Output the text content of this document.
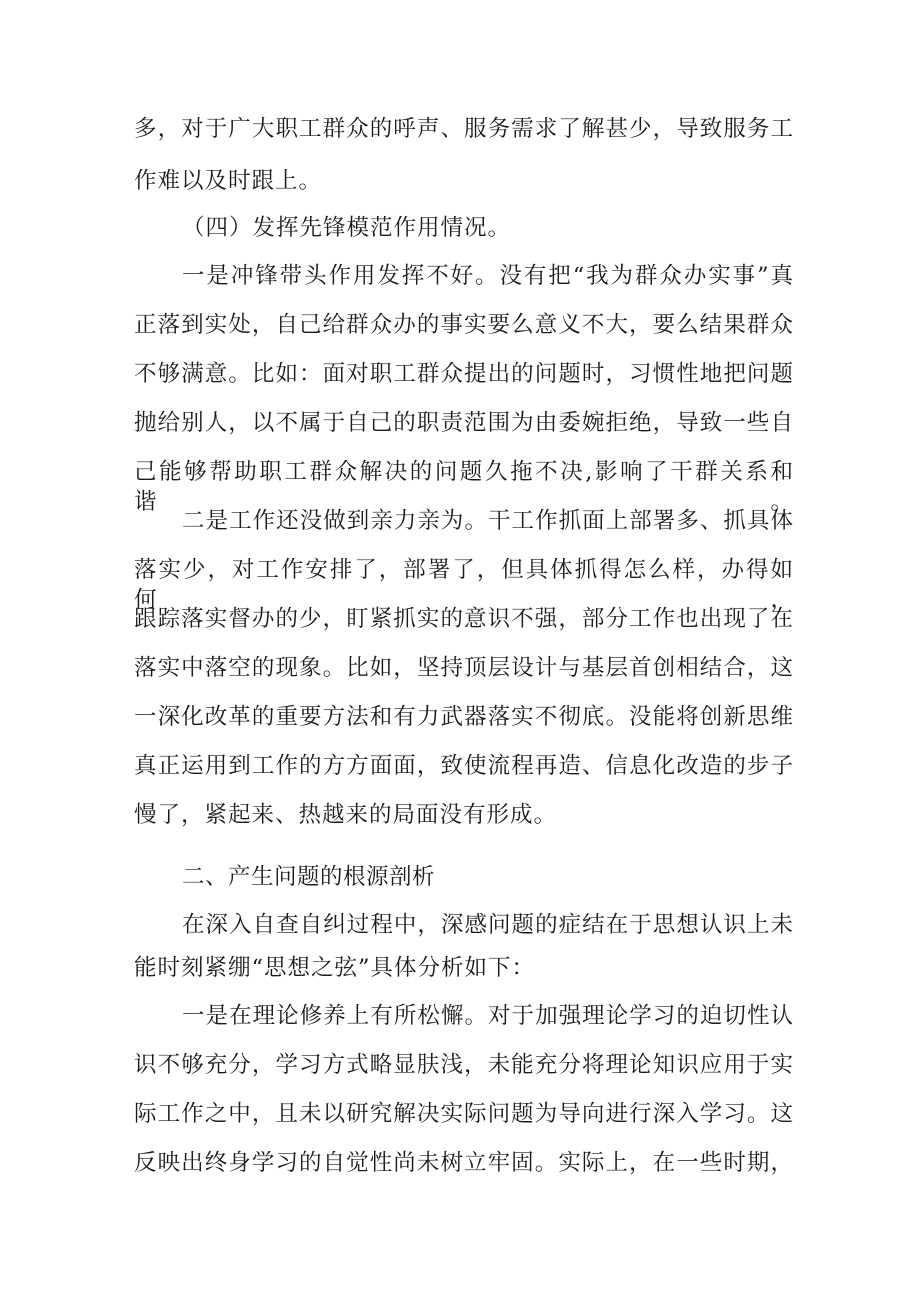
多，对于广大职工群众的呼声、服务需求了解甚少，导致服务工
作难以及时跟上。
（四）发挥先锋模范作用情况。
一是冲锋带头作用发挥不好。没有把“我为群众办实事”真
正落到实处，自己给群众办的事实要么意义不大，要么结果群众
不够满意。比如：面对职工群众提出的问题时，习惯性地把问题
抛给别人，以不属于自己的职责范围为由委婉拒绝，导致一些自
己能够帮助职工群众解决的问题久拖不决,影响了干群关系和谐。
二是工作还没做到亲力亲为。干工作抓面上部署多、抓具体
落实少，对工作安排了，部署了，但具体抓得怎么样，办得如何，
跟踪落实督办的少，盯紧抓实的意识不强，部分工作也出现了在
落实中落空的现象。比如，坚持顶层设计与基层首创相结合，这
一深化改革的重要方法和有力武器落实不彻底。没能将创新思维
真正运用到工作的方方面面，致使流程再造、信息化改造的步子
慢了，紧起来、热越来的局面没有形成。
二、产生问题的根源剖析
在深入自查自纠过程中，深感问题的症结在于思想认识上未
能时刻紧绷“思想之弦”具体分析如下：
一是在理论修养上有所松懈。对于加强理论学习的迫切性认
识不够充分，学习方式略显肤浅，未能充分将理论知识应用于实
际工作之中，且未以研究解决实际问题为导向进行深入学习。这
反映出终身学习的自觉性尚未树立牢固。实际上，在一些时期，
